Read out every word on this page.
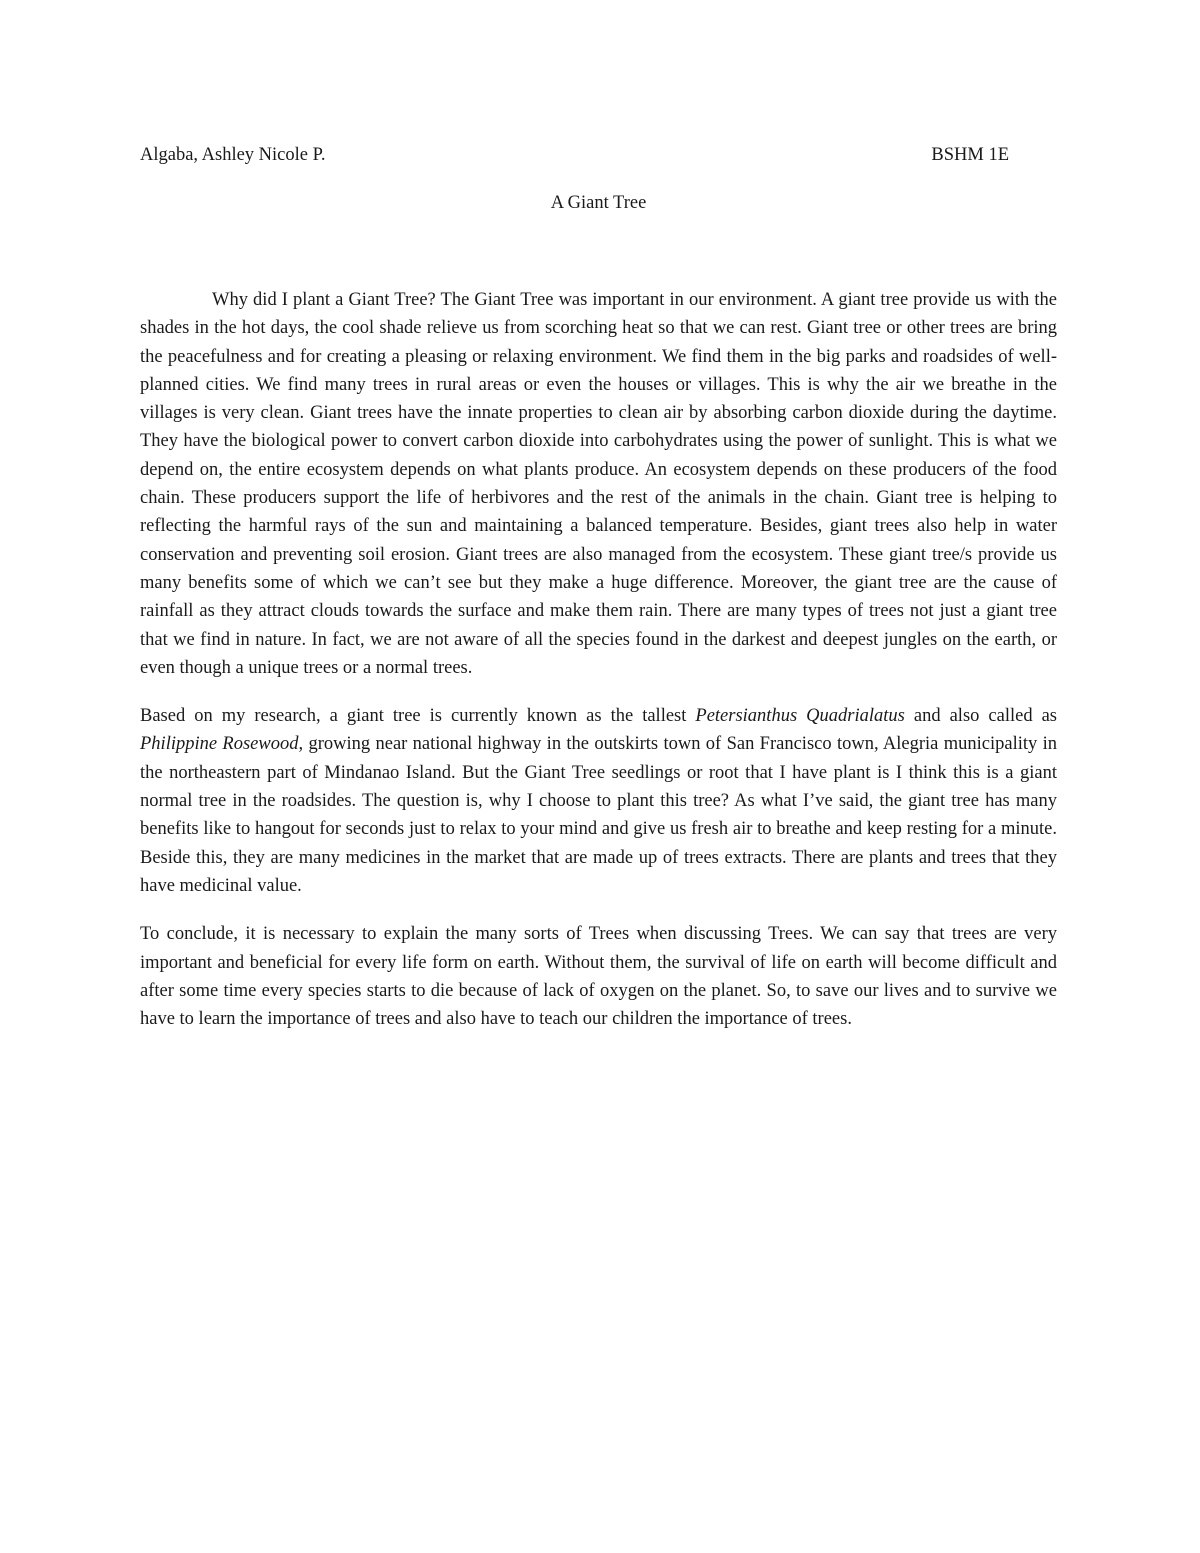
Algaba, Ashley Nicole P.	BSHM 1E
A Giant Tree

Why did I plant a Giant Tree? The Giant Tree was important in our environment. A giant tree provide us with the shades in the hot days, the cool shade relieve us from scorching heat so that we can rest. Giant tree or other trees are bring the peacefulness and for creating a pleasing or relaxing environment. We find them in the big parks and roadsides of well-planned cities. We find many trees in rural areas or even the houses or villages. This is why the air we breathe in the villages is very clean. Giant trees have the innate properties to clean air by absorbing carbon dioxide during the daytime. They have the biological power to convert carbon dioxide into carbohydrates using the power of sunlight. This is what we depend on, the entire ecosystem depends on what plants produce. An ecosystem depends on these producers of the food chain. These producers support the life of herbivores and the rest of the animals in the chain. Giant tree is helping to reflecting the harmful rays of the sun and maintaining a balanced temperature. Besides, giant trees also help in water conservation and preventing soil erosion. Giant trees are also managed from the ecosystem. These giant tree/s provide us many benefits some of which we can’t see but they make a huge difference. Moreover, the giant tree are the cause of rainfall as they attract clouds towards the surface and make them rain. There are many types of trees not just a giant tree that we find in nature. In fact, we are not aware of all the species found in the darkest and deepest jungles on the earth, or even though a unique trees or a normal trees.

Based on my research, a giant tree is currently known as the tallest Petersianthus Quadrialatus and also called as Philippine Rosewood, growing near national highway in the outskirts town of San Francisco town, Alegria municipality in the northeastern part of Mindanao Island. But the Giant Tree seedlings or root that I have plant is I think this is a giant normal tree in the roadsides. The question is, why I choose to plant this tree? As what I’ve said, the giant tree has many benefits like to hangout for seconds just to relax to your mind and give us fresh air to breathe and keep resting for a minute. Beside this, they are many medicines in the market that are made up of trees extracts. There are plants and trees that they have medicinal value.

To conclude, it is necessary to explain the many sorts of Trees when discussing Trees. We can say that trees are very important and beneficial for every life form on earth. Without them, the survival of life on earth will become difficult and after some time every species starts to die because of lack of oxygen on the planet. So, to save our lives and to survive we have to learn the importance of trees and also have to teach our children the importance of trees.
